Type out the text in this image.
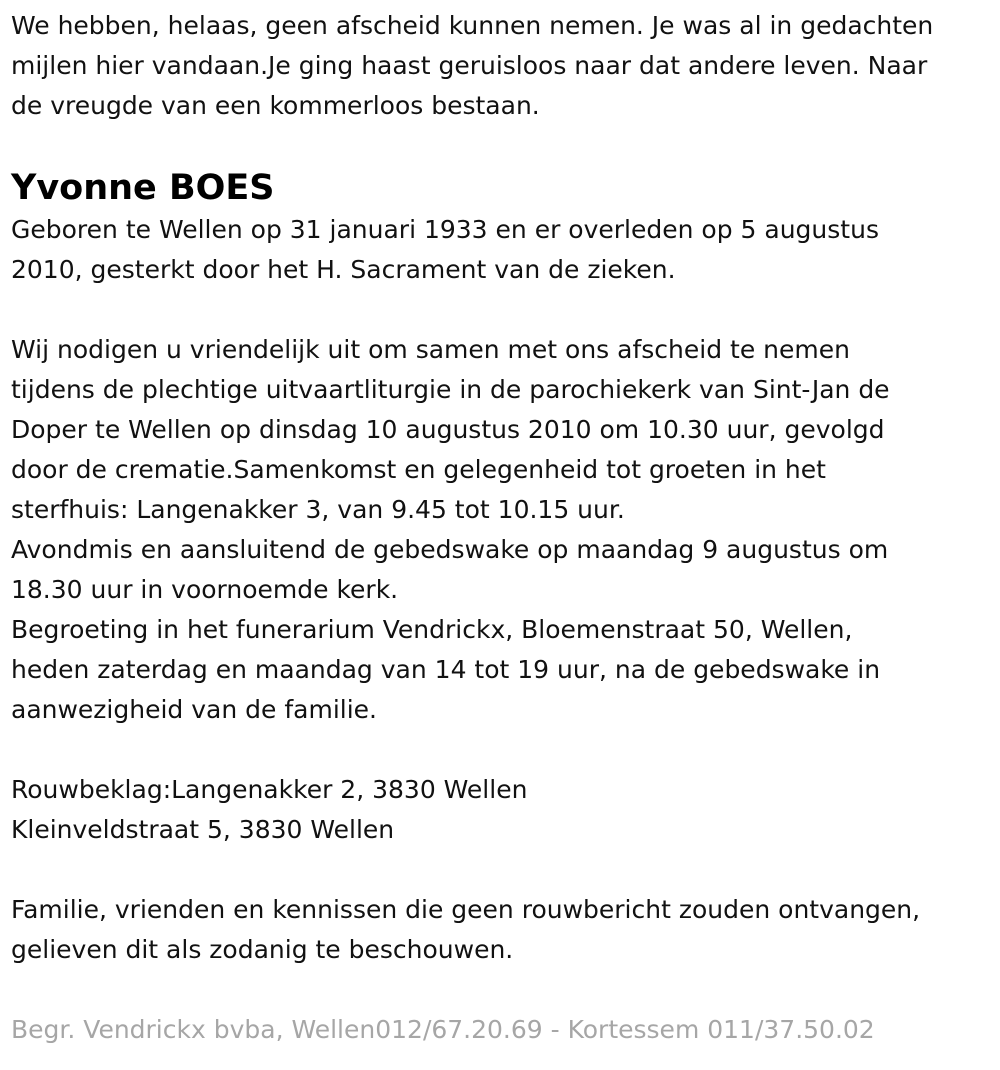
We hebben, helaas, geen afscheid kunnen nemen. Je was al in gedachten
mijlen hier vandaan.Je ging haast geruisloos naar dat andere leven. Naar
de vreugde van een kommerloos bestaan.

Yvonne BOES

Geboren te Wellen op 31 januari 1933 en er overleden op 5 augustus
2010, gesterkt door het H. Sacrament van de zieken.

Wij nodigen u vriendelijk uit om samen met ons afscheid te nemen
tijdens de plechtige uitvaartliturgie in de parochiekerk van Sint-Jan de
Doper te Wellen op dinsdag 10 augustus 2010 om 10.30 uur, gevolgd
door de crematie.Samenkomst en gelegenheid tot groeten in het
sterfhuis: Langenakker 3, van 9.45 tot 10.15 uur.
Avondmis en aansluitend de gebedswake op maandag 9 augustus om
18.30 uur in voornoemde kerk.
Begroeting in het funerarium Vendrickx, Bloemenstraat 50, Wellen,
heden zaterdag en maandag van 14 tot 19 uur, na de gebedswake in
aanwezigheid van de familie.

Rouwbeklag:Langenakker 2, 3830 Wellen
Kleinveldstraat 5, 3830 Wellen

Familie, vrienden en kennissen die geen rouwbericht zouden ontvangen,
gelieven dit als zodanig te beschouwen.

Begr. Vendrickx bvba, Wellen012/67.20.69 - Kortessem 011/37.50.02
